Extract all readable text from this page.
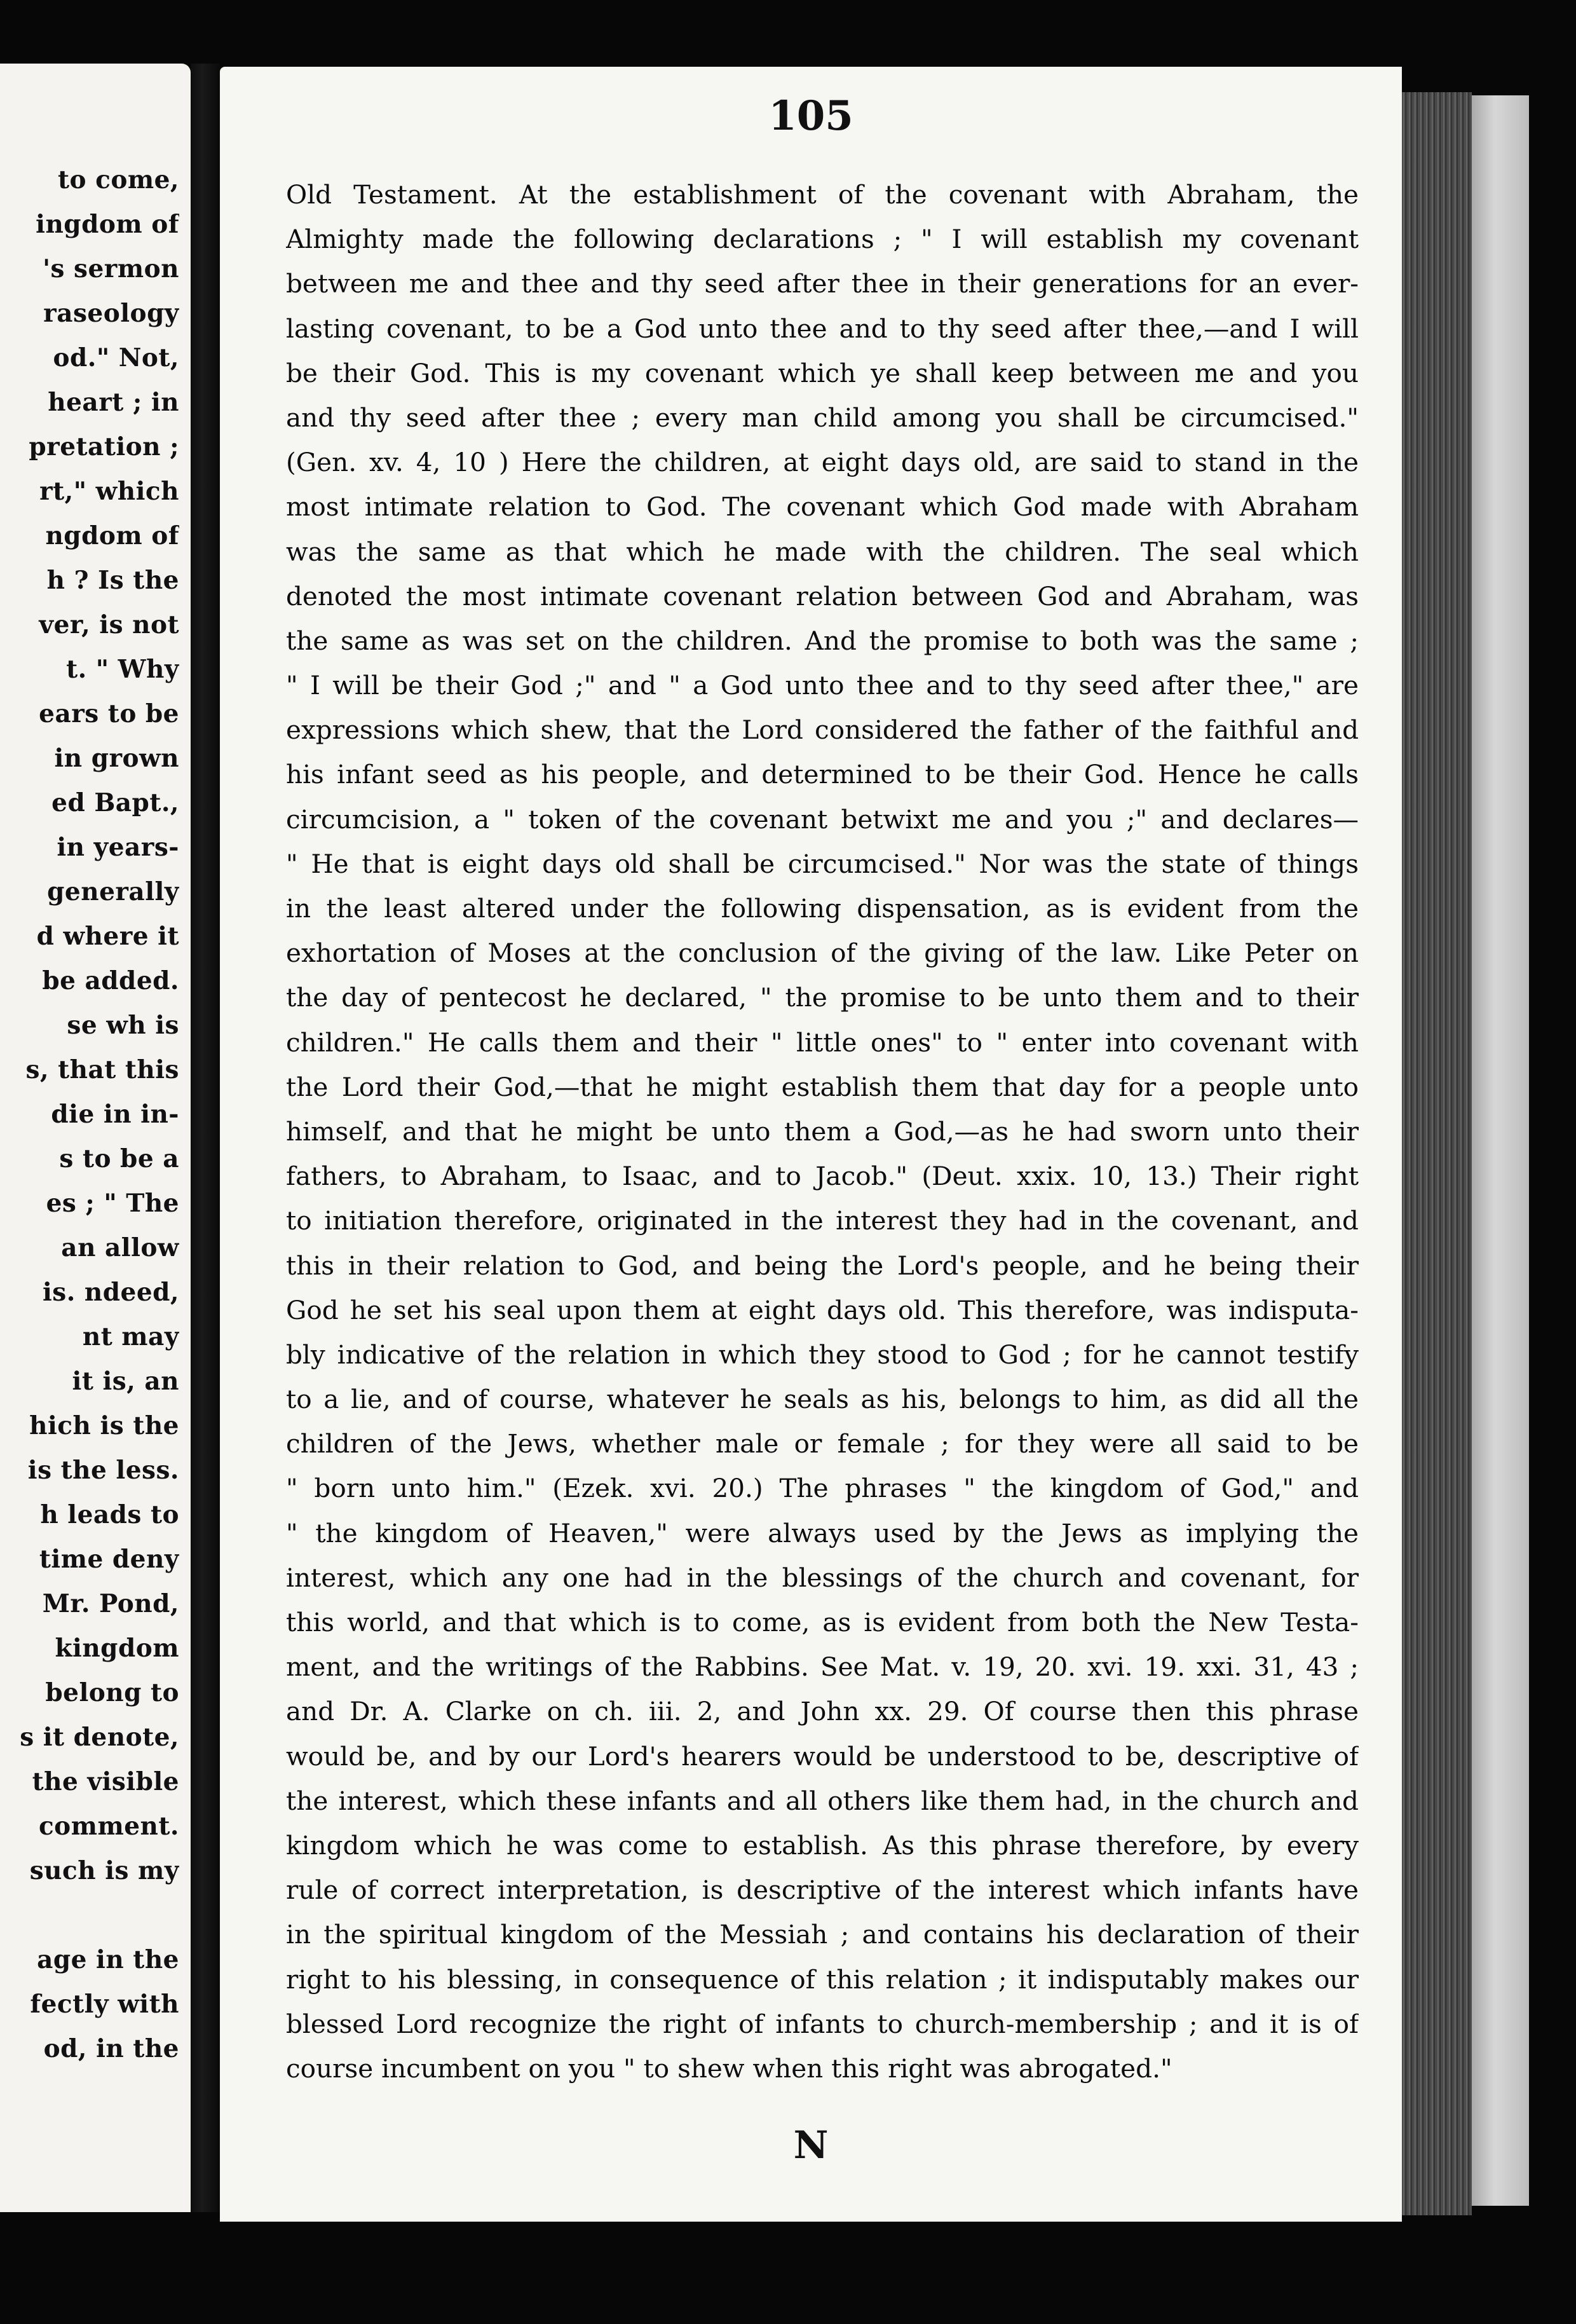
to come,
ingdom of
's sermon
raseology
od." Not,
heart ; in
pretation ;
rt," which
ngdom of
h ? Is the
ver, is not
t. " Why
ears to be
in grown
ed Bapt.,
in years-
generally
d where it
be added.
se wh is
s, that this
die in in-
s to be a
es ; " The
an allow
is. ndeed,
nt may
it is, an
hich is the
is the less.
h leads to
time deny
Mr. Pond,
kingdom
belong to
s it denote,
the visible
comment.
such is my
age in the
fectly with
od, in the
105
Old Testament. At the establishment of the covenant with Abraham, the
Almighty made the following declarations ; " I will establish my covenant
between me and thee and thy seed after thee in their generations for an ever-
lasting covenant, to be a God unto thee and to thy seed after thee,—and I will
be their God. This is my covenant which ye shall keep between me and you
and thy seed after thee ; every man child among you shall be circumcised."
(Gen. xv. 4, 10 ) Here the children, at eight days old, are said to stand in the
most intimate relation to God. The covenant which God made with Abraham
was the same as that which he made with the children. The seal which
denoted the most intimate covenant relation between God and Abraham, was
the same as was set on the children. And the promise to both was the same ;
" I will be their God ;" and " a God unto thee and to thy seed after thee," are
expressions which shew, that the Lord considered the father of the faithful and
his infant seed as his people, and determined to be their God. Hence he calls
circumcision, a " token of the covenant betwixt me and you ;" and declares—
" He that is eight days old shall be circumcised." Nor was the state of things
in the least altered under the following dispensation, as is evident from the
exhortation of Moses at the conclusion of the giving of the law. Like Peter on
the day of pentecost he declared, " the promise to be unto them and to their
children." He calls them and their " little ones" to " enter into covenant with
the Lord their God,—that he might establish them that day for a people unto
himself, and that he might be unto them a God,—as he had sworn unto their
fathers, to Abraham, to Isaac, and to Jacob." (Deut. xxix. 10, 13.) Their right
to initiation therefore, originated in the interest they had in the covenant, and
this in their relation to God, and being the Lord's people, and he being their
God he set his seal upon them at eight days old. This therefore, was indisputa-
bly indicative of the relation in which they stood to God ; for he cannot testify
to a lie, and of course, whatever he seals as his, belongs to him, as did all the
children of the Jews, whether male or female ; for they were all said to be
" born unto him." (Ezek. xvi. 20.) The phrases " the kingdom of God," and
" the kingdom of Heaven," were always used by the Jews as implying the
interest, which any one had in the blessings of the church and covenant, for
this world, and that which is to come, as is evident from both the New Testa-
ment, and the writings of the Rabbins. See Mat. v. 19, 20. xvi. 19. xxi. 31, 43 ;
and Dr. A. Clarke on ch. iii. 2, and John xx. 29. Of course then this phrase
would be, and by our Lord's hearers would be understood to be, descriptive of
the interest, which these infants and all others like them had, in the church and
kingdom which he was come to establish. As this phrase therefore, by every
rule of correct interpretation, is descriptive of the interest which infants have
in the spiritual kingdom of the Messiah ; and contains his declaration of their
right to his blessing, in consequence of this relation ; it indisputably makes our
blessed Lord recognize the right of infants to church-membership ; and it is of
course incumbent on you " to shew when this right was abrogated."
N
